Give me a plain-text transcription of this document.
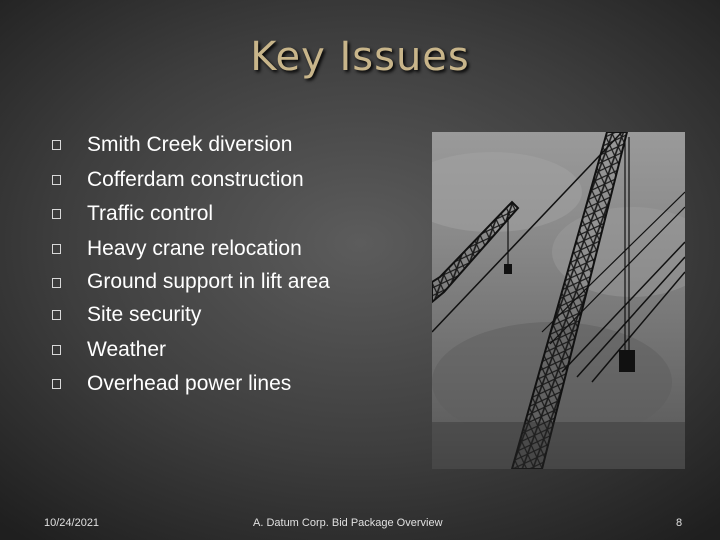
Key Issues
Smith Creek diversion
Cofferdam construction
Traffic control
Heavy crane relocation
Ground support in lift area
Site security
Weather
Overhead power lines
10/24/2021	A. Datum Corp. Bid Package Overview	8
